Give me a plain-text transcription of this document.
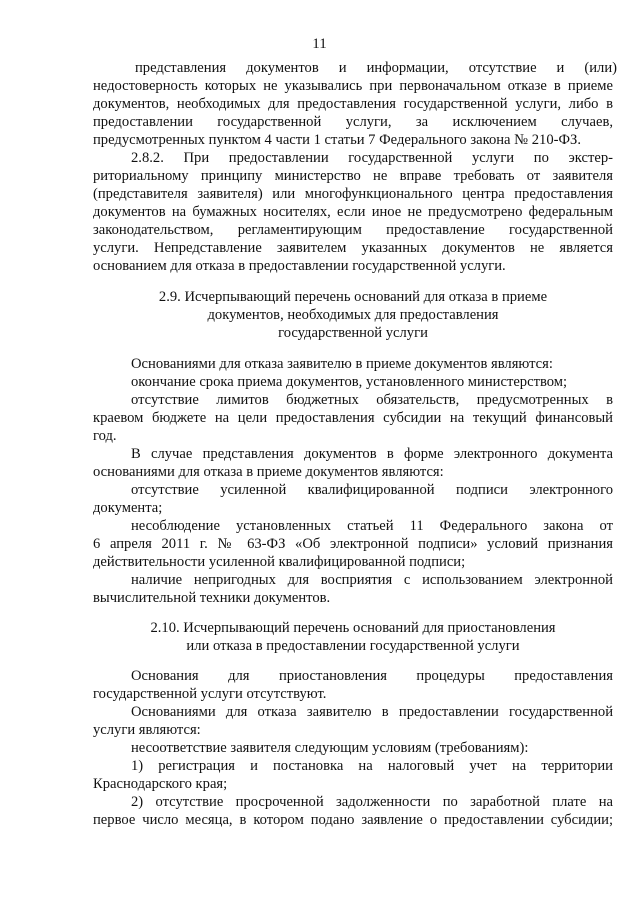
11
представления документов и информации, отсутствие и (или)
недостоверность которых не указывались при первоначальном отказе в приеме
документов, необходимых для предоставления государственной услуги, либо в
предоставлении государственной услуги, за исключением случаев,
предусмотренных пунктом 4 части 1 статьи 7 Федерального закона № 210-ФЗ.
2.8.2. При предоставлении государственной услуги по экстер-
риториальному принципу министерство не вправе требовать от заявителя
(представителя заявителя) или многофункционального центра предоставления
документов на бумажных носителях, если иное не предусмотрено федеральным
законодательством, регламентирующим предоставление государственной
услуги. Непредставление заявителем указанных документов не является
основанием для отказа в предоставлении государственной услуги.
2.9. Исчерпывающий перечень оснований для отказа в приеме
документов, необходимых для предоставления
государственной услуги
Основаниями для отказа заявителю в приеме документов являются:
окончание срока приема документов, установленного министерством;
отсутствие лимитов бюджетных обязательств, предусмотренных в
краевом бюджете на цели предоставления субсидии на текущий финансовый
год.
В случае представления документов в форме электронного документа
основаниями для отказа в приеме документов являются:
отсутствие усиленной квалифицированной подписи электронного
документа;
несоблюдение установленных статьей 11 Федерального закона от
6 апреля 2011 г. № 63-ФЗ «Об электронной подписи» условий признания
действительности усиленной квалифицированной подписи;
наличие непригодных для восприятия с использованием электронной
вычислительной техники документов.
2.10. Исчерпывающий перечень оснований для приостановления
или отказа в предоставлении государственной услуги
Основания для приостановления процедуры предоставления
государственной услуги отсутствуют.
Основаниями для отказа заявителю в предоставлении государственной
услуги являются:
несоответствие заявителя следующим условиям (требованиям):
1) регистрация и постановка на налоговый учет на территории
Краснодарского края;
2) отсутствие просроченной задолженности по заработной плате на
первое число месяца, в котором подано заявление о предоставлении субсидии;
